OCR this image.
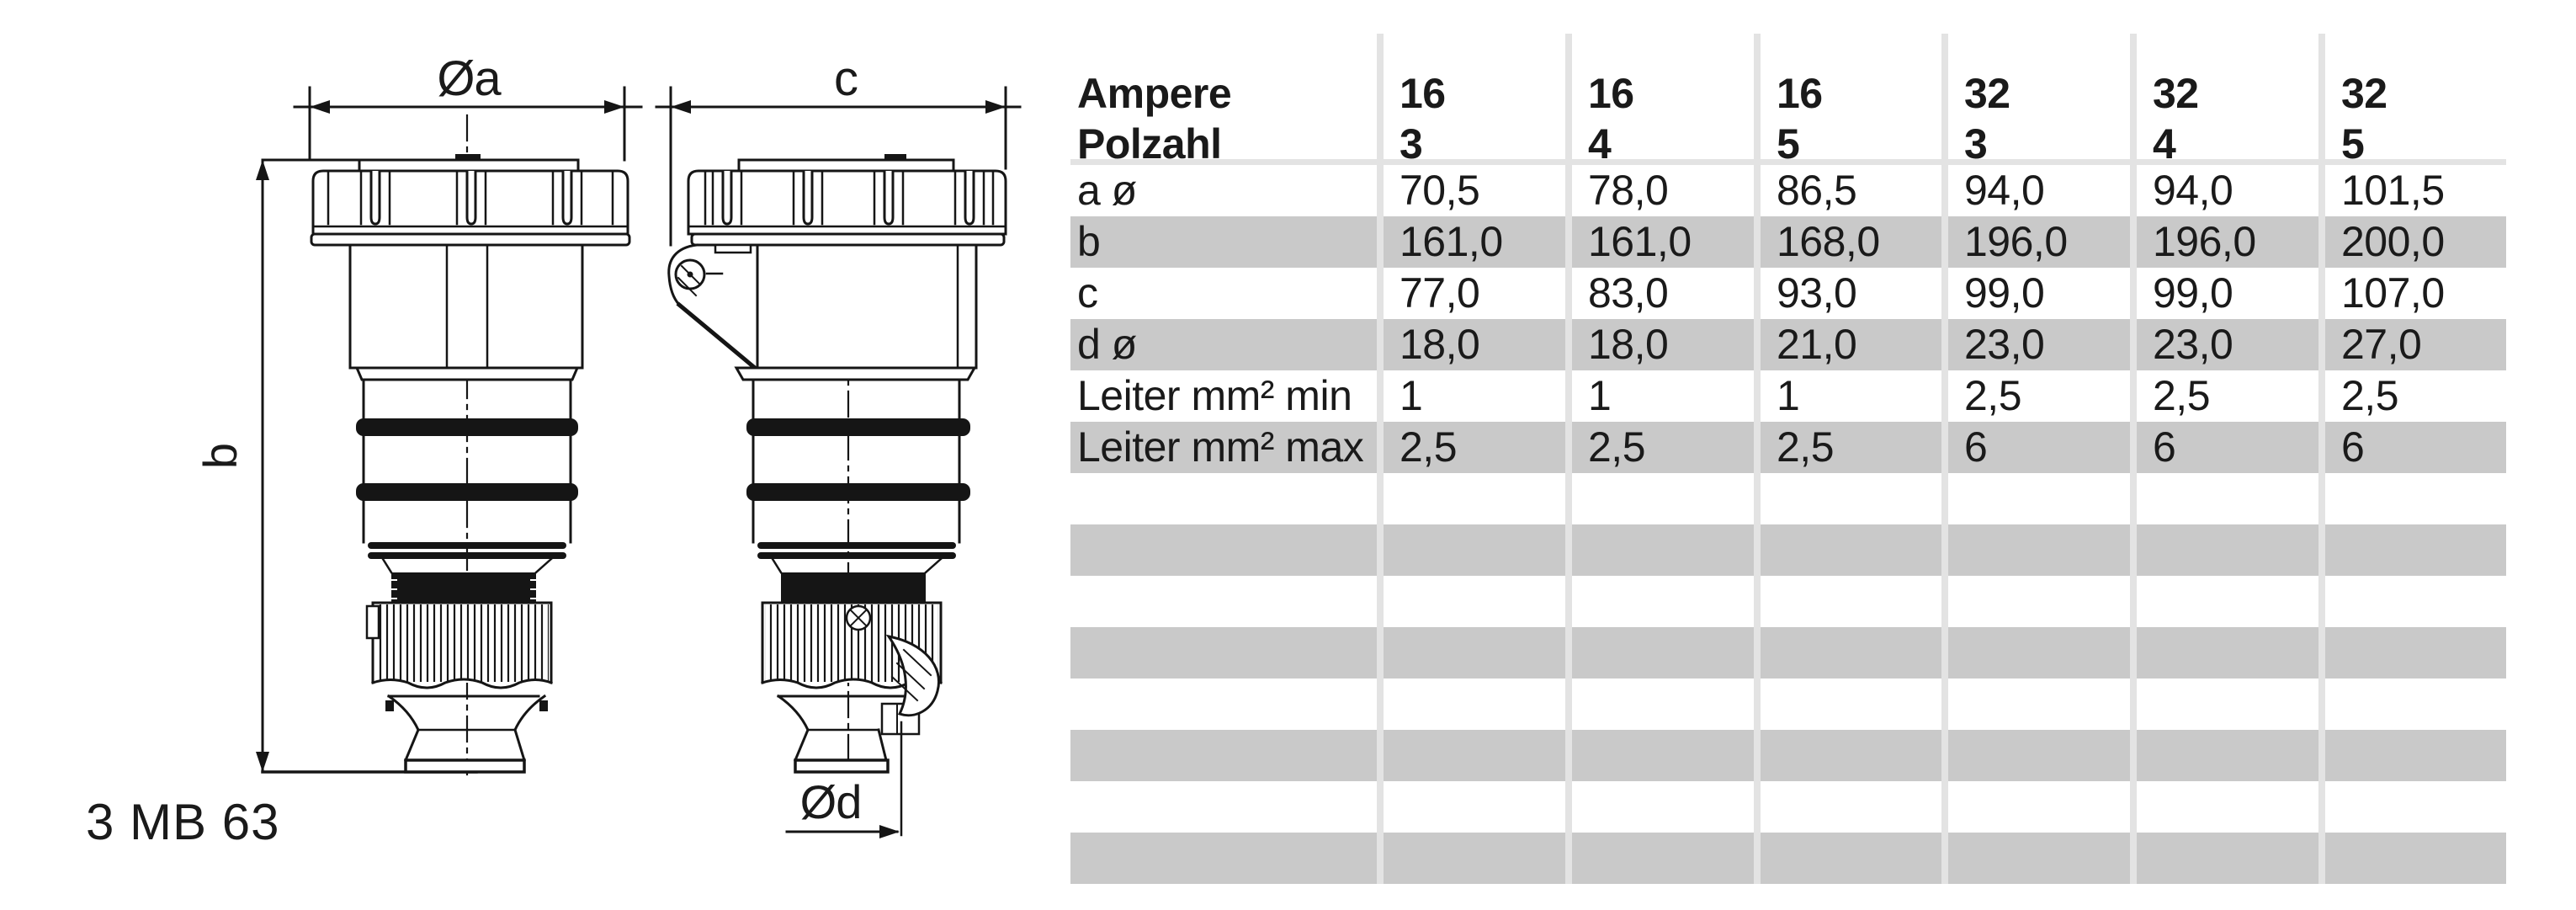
Øa	c
b
Ød
3 MB 63
a ø	70,5	78,0	86,5	94,0	94,0	101,5
b	161,0 161,0 168,0 196,0 196,0 200,0
c	77,0	83,0	93,0	99,0	99,0	107,0
d ø	18,0	18,0	21,0	23,0	23,0	27,0
Leiter mm² min 1	1	1	2,5	2,5	2,5
Leiter mm² max 2,5	2,5	2,5	6	6	6
Ampere	16	16	16	32	32	32
Polzahl	3	4	5	3	4	5
